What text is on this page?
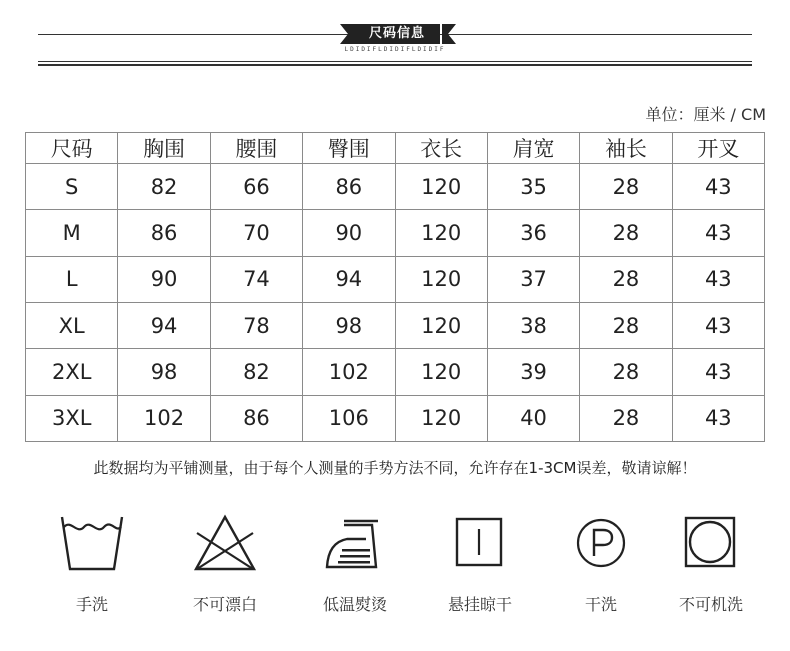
尺码信息
LDIDIFLDIDIFLDIDIF
单位：厘米 / CM
尺码	胸围	腰围	臀围	衣长	肩宽	袖长	开叉
S	82	66	86	120	35	28	43
M	86	70	90	120	36	28	43
L	90	74	94	120	37	28	43
XL	94	78	98	120	38	28	43
2XL	98	82	102	120	39	28	43
3XL	102	86	106	120	40	28	43
此数据均为平铺测量，由于每个人测量的手势方法不同，允许存在1-3CM误差，敬请谅解！
手洗	不可漂白	低温熨烫	悬挂晾干	干洗	不可机洗
